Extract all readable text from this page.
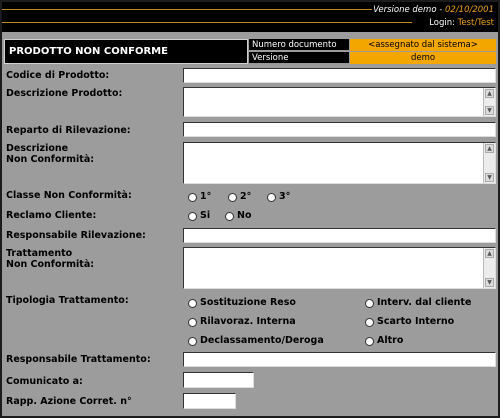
Versione demo - 02/10/2001
Login: Test/Test
PRODOTTO NON CONFORME
Numero documento	<assegnato dal sistema>
Versione	demo
Codice di Prodotto:
Descrizione Prodotto:	▲
▼
Reparto di Rilevazione:
Descrizione
Non Conformità:
▲
▼
Classe Non Conformità:	1°	2°	3°
Reclamo Cliente:	Si	No
Responsabile Rilevazione:
Trattamento
Non Conformità:
▲
▼
Tipologia Trattamento:	Sostituzione Reso	Interv. dal cliente
Rilavoraz. Interna	Scarto Interno
Declassamento/Deroga	Altro
Responsabile Trattamento:
Comunicato a:
Rapp. Azione Corret. n°
